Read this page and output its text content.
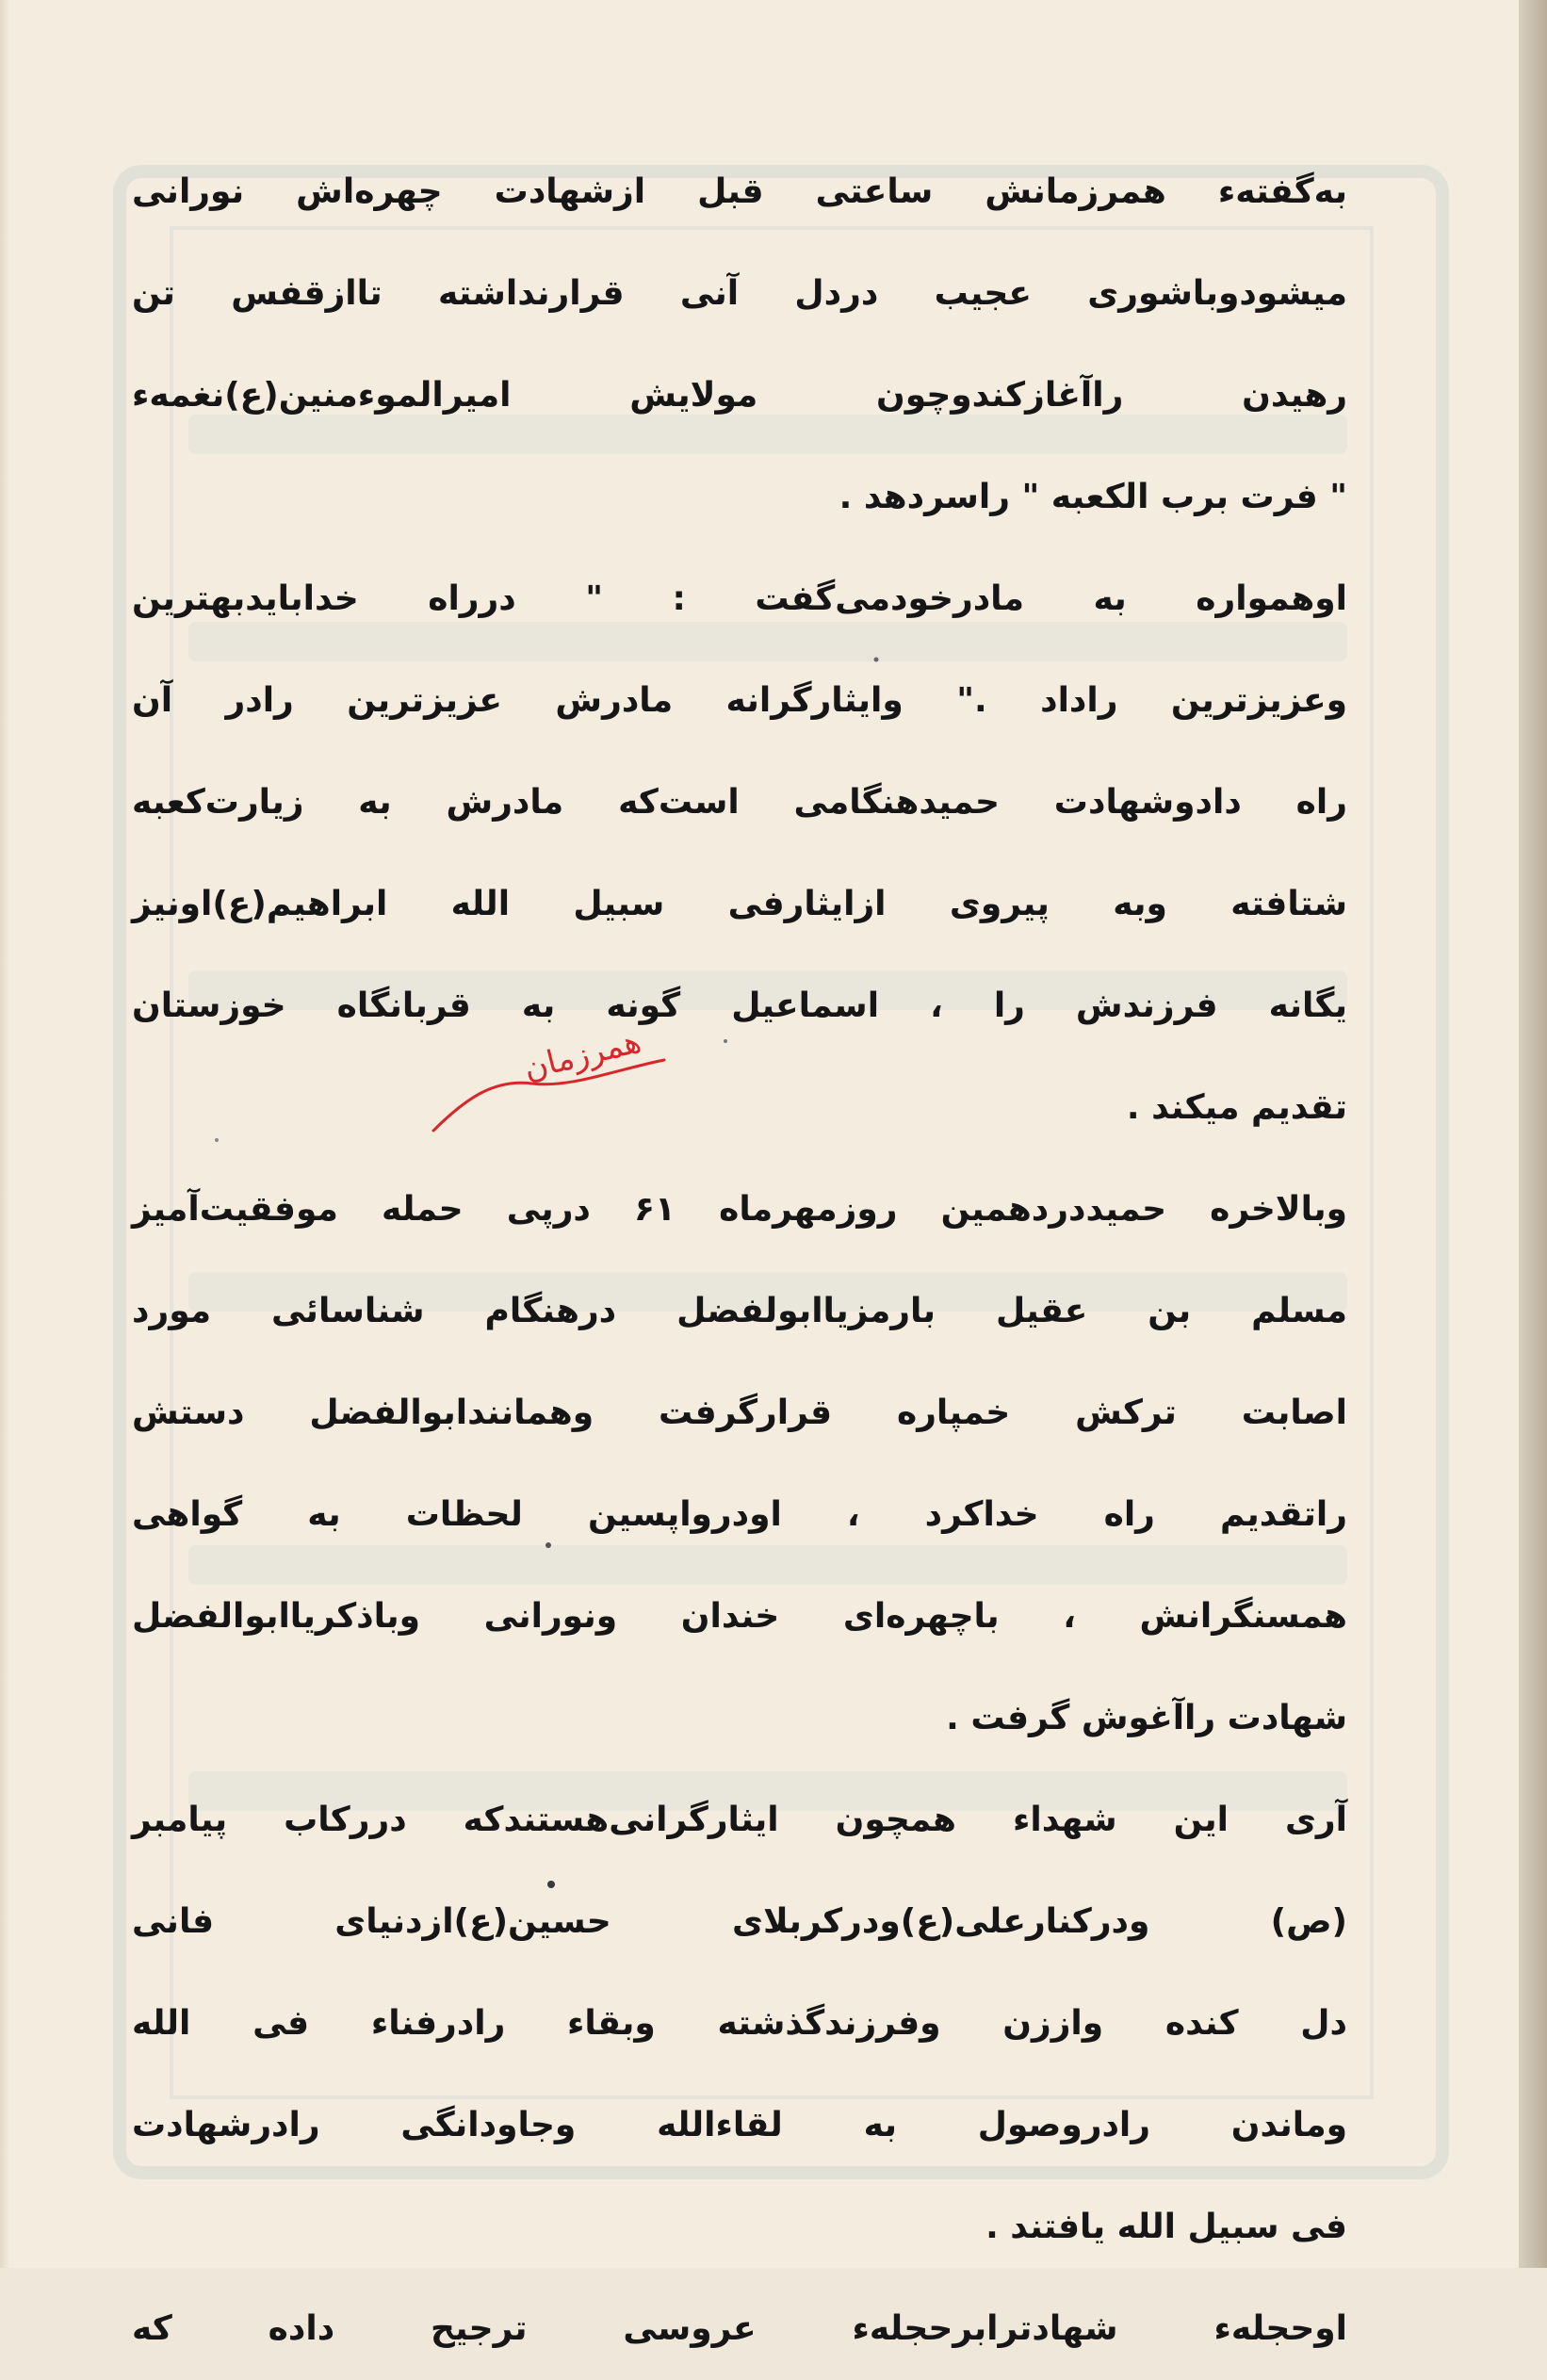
به‌گفته‌ء همرزمانش ساعتی قبل ازشهادت چهره‌اش نورانی
میشودوباشوری عجیب دردل آنی قرارنداشته تاازقفس تن
رهیدن راآغازکندوچون مولایش امیرالموءمنین(ع)نغمه‌ء
" فرت برب الکعبه " راسردهد .
اوهمواره به مادرخودمی‌گفت : " درراه خدابایدبهترین
وعزیزترین راداد ." وایثارگرانه مادرش عزیزترین رادر آن
راه دادوشهادت حمیدهنگامی است‌که مادرش به زیارت‌کعبه
شتافته وبه پیروی ازایثارفی سبیل الله ابراهیم(ع)اونیز
یگانه فرزندش را ، اسماعیل گونه به قربانگاه خوزستان
تقدیم میکند .
وبالاخره حمیددردهمین روزمهرماه ۶۱ درپی حمله موفقیت‌آمیز
مسلم بن عقیل بارمزیاابولفضل درهنگام شناسائی مورد
اصابت ترکش خمپاره قرارگرفت وهمانندابوالفضل دستش
راتقدیم راه خداکرد ، اودرواپسین لحظات به گواهی
همسنگرانش ، باچهره‌ای خندان ونورانی وباذکریاابوالفضل
شهادت راآغوش گرفت .
آری این شهداء همچون ایثارگرانی‌هستندکه دررکاب پیامبر
(ص) ودرکنارعلی(ع)ودرکربلای حسین(ع)ازدنیای فانی
دل کنده واززن وفرزندگذشته وبقاء رادرفناء فی الله
وماندن رادروصول به لقاءالله وجاودانگی رادرشهادت
فی سبیل الله یافتند .
اوحجله‌ء شهادترابرحجله‌ء عروسی ترجیح داده که
همرزمان
